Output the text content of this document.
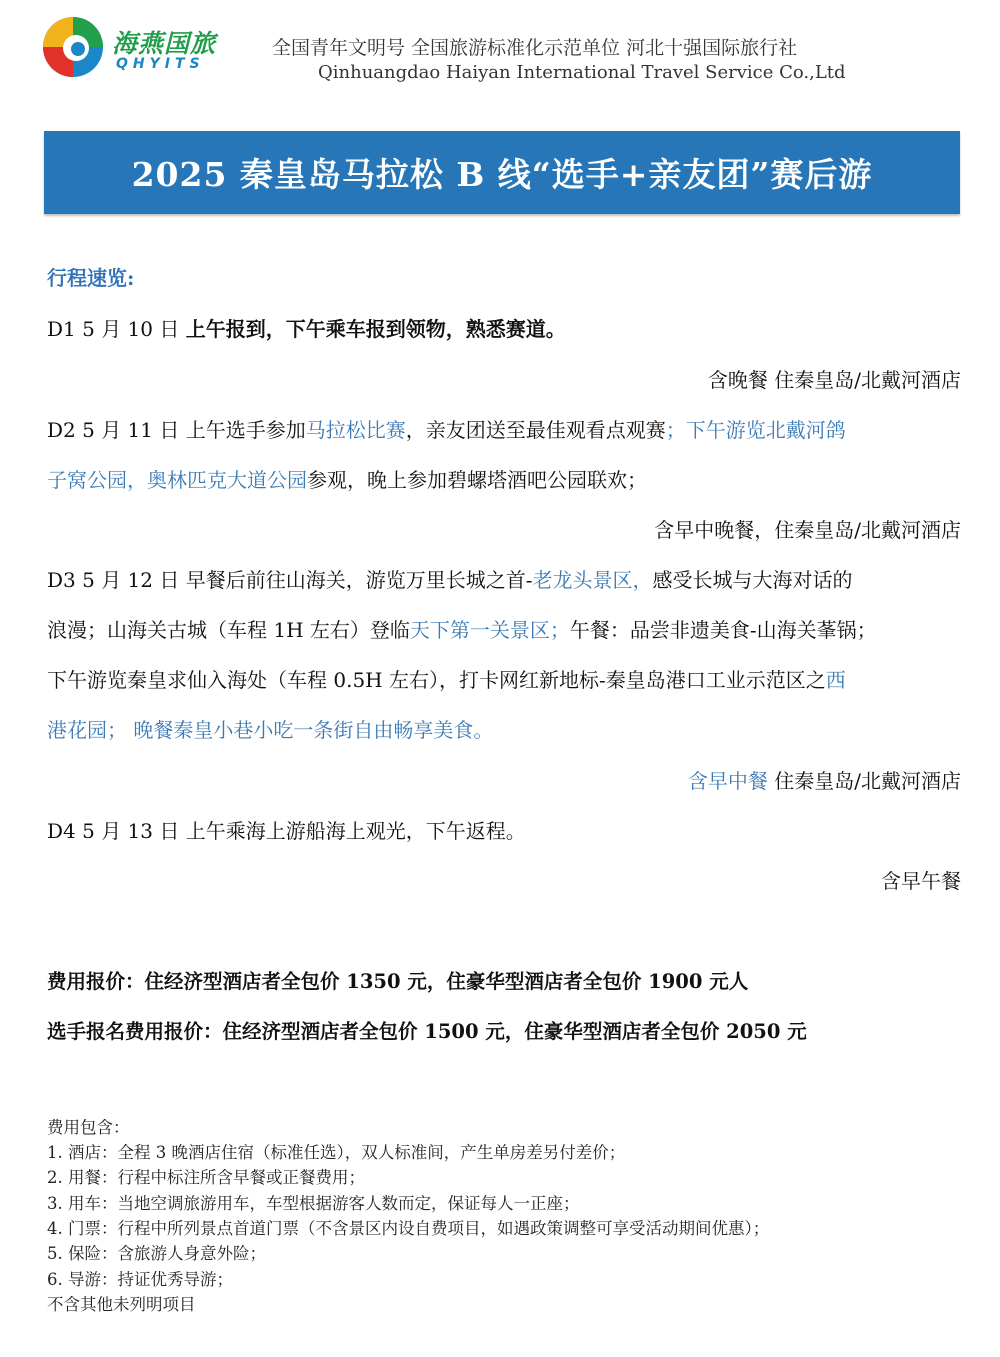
海燕国旅
QHYITS
全国青年文明号 全国旅游标准化示范单位 河北十强国际旅行社
Qinhuangdao Haiyan International Travel Service Co.,Ltd
2025 秦皇岛马拉松 B 线“选手+亲友团”赛后游
行程速览:
D1 5 月 10 日 上午报到，下午乘车报到领物，熟悉赛道。
含晚餐 住秦皇岛/北戴河酒店
D2 5 月 11 日 上午选手参加马拉松比赛，亲友团送至最佳观看点观赛；下午游览北戴河鸽
子窝公园，奥林匹克大道公园参观，晚上参加碧螺塔酒吧公园联欢；
含早中晚餐，住秦皇岛/北戴河酒店
D3 5 月 12 日 早餐后前往山海关，游览万里长城之首-老龙头景区，感受长城与大海对话的
浪漫；山海关古城（车程 1H 左右）登临天下第一关景区；午餐：品尝非遗美食-山海关莑锅；
下午游览秦皇求仙入海处（车程 0.5H 左右），打卡网红新地标-秦皇岛港口工业示范区之西
港花园； 晚餐秦皇小巷小吃一条街自由畅享美食。
含早中餐 住秦皇岛/北戴河酒店
D4 5 月 13 日 上午乘海上游船海上观光，下午返程。
含早午餐
费用报价：住经济型酒店者全包价 1350 元，住豪华型酒店者全包价 1900 元人
选手报名费用报价：住经济型酒店者全包价 1500 元，住豪华型酒店者全包价 2050 元
费用包含：
1. 酒店：全程 3 晚酒店住宿（标准任选），双人标准间，产生单房差另付差价；
2. 用餐：行程中标注所含早餐或正餐费用；
3. 用车：当地空调旅游用车，车型根据游客人数而定，保证每人一正座；
4. 门票：行程中所列景点首道门票（不含景区内设自费项目，如遇政策调整可享受活动期间优惠）；
5. 保险：含旅游人身意外险；
6. 导游：持证优秀导游；
不含其他未列明项目
